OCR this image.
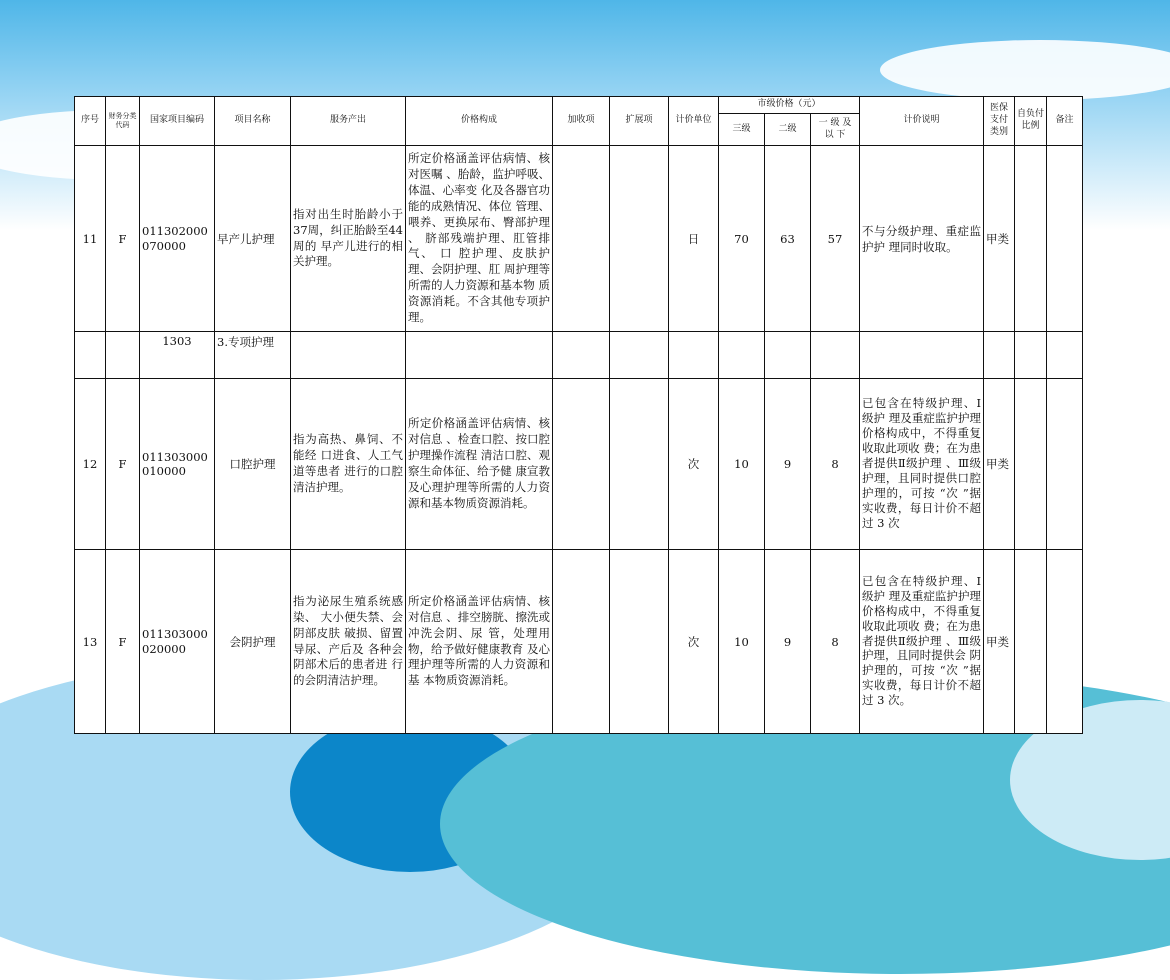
序号	财务分类代码	国家项目编码	项目名称	服务产出	价格构成	加收项	扩展项	计价单位	市级价格（元）			计价说明	医保支付类别	自负付比例	备注
									三级	二级	一 级 及 以 下				
11	F	011302000070000	早产儿护理	指对出生时胎龄小于37周，纠正胎龄至44周的 早产儿进行的相关护理。	所定价格涵盖评估病情、核对医嘱 、胎龄，监护呼吸、体温、心率变 化及各器官功能的成熟情况、体位 管理、喂养、更换尿布、臀部护理 、 脐部残端护理、肛管排气、 口 腔护理、皮肤护理、会阴护理、肛 周护理等所需的人力资源和基本物 质资源消耗。不含其他专项护理。			日	70	63	57	不与分级护理、重症监护护 理同时收取。	甲类		
		1303	3.专项护理												
12	F	011303000010000	口腔护理	指为高热、鼻饲、不能经 口进食、人工气道等患者 进行的口腔清洁护理。	所定价格涵盖评估病情、核对信息 、检查口腔、按口腔护理操作流程 清洁口腔、观察生命体征、给予健 康宣教及心理护理等所需的人力资 源和基本物质资源消耗。			次	10	9	8	已包含在特级护理、Ⅰ级护 理及重症监护护理价格构成中，不得重复收取此项收 费；在为患者提供Ⅱ级护理 、Ⅲ级护理，且同时提供口腔 护理的，可按 “次 ”据实收费，每日计价不超过 3 次	甲类		
13	F	011303000020000	会阴护理	指为泌尿生殖系统感染、 大小便失禁、会阴部皮肤 破损、留置导尿、产后及 各种会阴部术后的患者进 行的会阴清洁护理。	所定价格涵盖评估病情、核对信息 、排空膀胱、擦洗或冲洗会阴、尿 管，处理用物，给予做好健康教育 及心理护理等所需的人力资源和基 本物质资源消耗。			次	10	9	8	已包含在特级护理、Ⅰ级护 理及重症监护护理价格构成中，不得重复收取此项收 费；在为患者提供Ⅱ级护理 、Ⅲ级护理，且同时提供会 阴护理的，可按 “次 ”据实收费，每日计价不超过 3 次。	甲类		
